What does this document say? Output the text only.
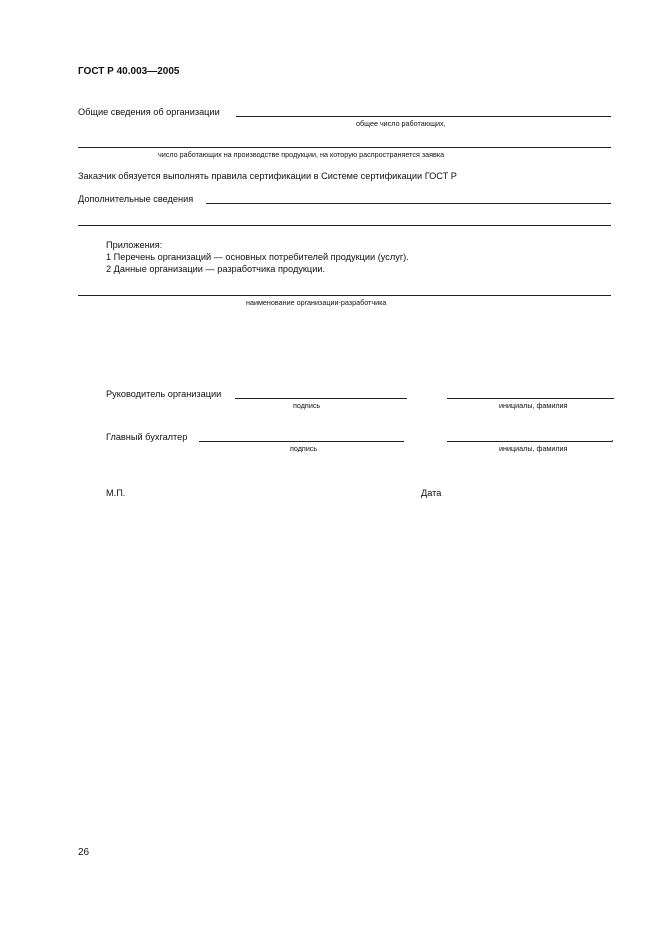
ГОСТ Р 40.003—2005
Общие сведения об организации
общее число работающих,
число работающих на производстве продукции, на которую распространяется заявка
Заказчик обязуется выполнять правила сертификации в Системе сертификации ГОСТ Р
Дополнительные сведения
Приложения:
1 Перечень организаций — основных потребителей продукции (услуг).
2 Данные организации — разработчика продукции.
наименование организации-разработчика
Руководитель организации
подпись	инициалы, фамилия
Главный бухгалтер	,
подпись	инициалы, фамилия
М.П.	Дата
26
